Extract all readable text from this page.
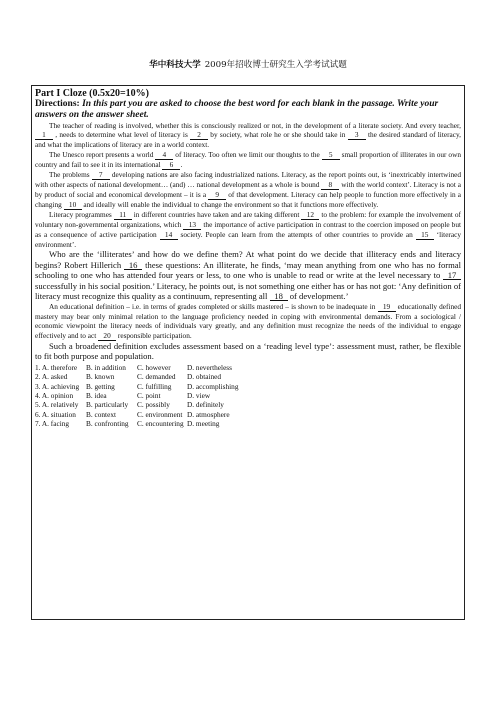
华中科技大学 2009年招收博士研究生入学考试试题

Part I Cloze (0.5x20=10%)

Directions: In this part you are asked to choose the best word for each blank in the passage. Write your answers on the answer sheet.

The teacher of reading is involved, whether this is consciously realized or not, in the development of a literate society. And every teacher, 1 , needs to determine what level of literacy is 2 by society, what role he or she should take in 3 the desired standard of literacy, and what the implications of literacy are in a world context.

The Unesco report presents a world 4 of literacy. Too often we limit our thoughts to the 5 small proportion of illiterates in our own country and fail to see it in its international 6 .

The problems 7 developing nations are also facing industrialized nations. Literacy, as the report points out, is ‘inextricably intertwined with other aspects of national development… (and) … national development as a whole is bound 8 with the world context’. Literacy is not a by product of social and economical development – it is a 9 of that development. Literacy can help people to function more effectively in a changing 10 and ideally will enable the individual to change the environment so that it functions more effectively.

Literacy programmes 11 in different countries have taken and are taking different 12 to the problem: for example the involvement of voluntary non-governmental organizations, which 13 the importance of active participation in contrast to the coercion imposed on people but as a consequence of active participation 14 society. People can learn from the attempts of other countries to provide an 15 ‘literacy environment’.

Who are the ‘illiterates’ and how do we define them? At what point do we decide that illiteracy ends and literacy begins? Robert Hillerich 16 these questions: An illiterate, he finds, ‘may mean anything from one who has no formal schooling to one who has attended four years or less, to one who is unable to read or write at the level necessary to 17 successfully in his social position.’ Literacy, he points out, is not something one either has or has not got: ‘Any definition of literacy must recognize this quality as a continuum, representing all 18 of development.’

An educational definition – i.e. in terms of grades completed or skills mastered – is shown to be inadequate in 19 educationally defined mastery may bear only minimal relation to the language proficiency needed in coping with environmental demands. From a sociological / economic viewpoint the literacy needs of individuals vary greatly, and any definition must recognize the needs of the individual to engage effectively and to act 20 responsible participation.

Such a broadened definition excludes assessment based on a ‘reading level type’: assessment must, rather, be flexible to fit both purpose and population.

1. A. therefore	B. in addition	C. however	D. nevertheless
2. A. asked	B. known	C. demanded	D. obtained
3. A. achieving	B. getting	C. fulfilling	D. accomplishing
4. A. opinion	B. idea	C. point	D. view
5. A. relatively	B. particularly	C. possibly	D. definitely
6. A. situation	B. context	C. environment	D. atmosphere
7. A. facing	B. confronting	C. encountering	D. meeting
